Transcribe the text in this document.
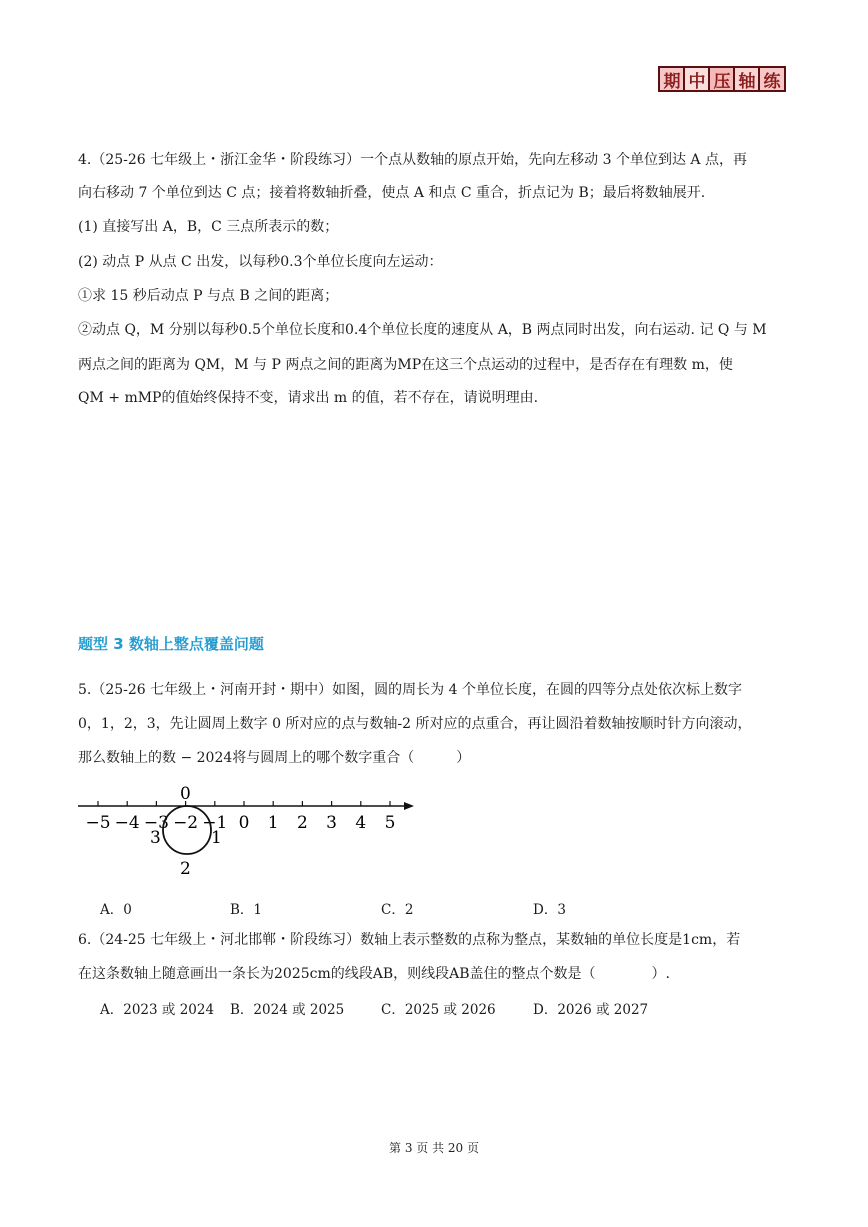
期 中 压 轴 练
4.（25-26 七年级上・浙江金华・阶段练习）一个点从数轴的原点开始，先向左移动 3 个单位到达 A 点，再
向右移动 7 个单位到达 C 点；接着将数轴折叠，使点 A 和点 C 重合，折点记为 B；最后将数轴展开.
(1) 直接写出 A，B，C 三点所表示的数；
(2) 动点 P 从点 C 出发，以每秒0.3个单位长度向左运动：
①求 15 秒后动点 P 与点 B 之间的距离；
②动点 Q，M 分别以每秒0.5个单位长度和0.4个单位长度的速度从 A，B 两点同时出发，向右运动. 记 Q 与 M
两点之间的距离为 QM，M 与 P 两点之间的距离为MP在这三个点运动的过程中，是否存在有理数 m，使
QM + mMP的值始终保持不变，请求出 m 的值，若不存在，请说明理由.
题型 3 数轴上整点覆盖问题
5.（25-26 七年级上・河南开封・期中）如图，圆的周长为 4 个单位长度，在圆的四等分点处依次标上数字
0，1，2，3，先让圆周上数字 0 所对应的点与数轴-2 所对应的点重合，再让圆沿着数轴按顺时针方向滚动，
那么数轴上的数 − 2024将与圆周上的哪个数字重合（　　　）
−5 −4 −3 −2 −1 0 1 2 3 4 5
0
1
2
3
A．0	B．1	C．2	D．3
6.（24-25 七年级上・河北邯郸・阶段练习）数轴上表示整数的点称为整点，某数轴的单位长度是1cm，若
在这条数轴上随意画出一条长为2025cm的线段AB，则线段AB盖住的整点个数是（　　　　）.
A．2023 或 2024 B．2024 或 2025	C．2025 或 2026	D．2026 或 2027
第 3 页 共 20 页
